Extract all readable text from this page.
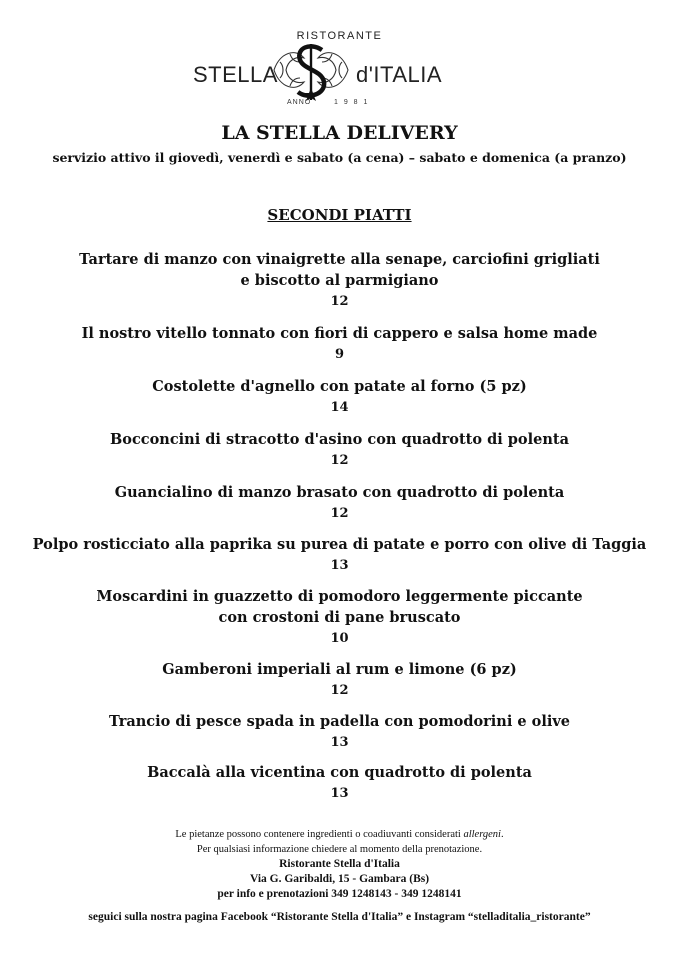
RISTORANTE
STELLA	d'ITALIA
ANNO	1 9 8 1
LA STELLA DELIVERY
servizio attivo il giovedì, venerdì e sabato (a cena) – sabato e domenica (a pranzo)
SECONDI PIATTI
Tartare di manzo con vinaigrette alla senape, carciofini grigliati
e biscotto al parmigiano
12
Il nostro vitello tonnato con fiori di cappero e salsa home made
9
Costolette d'agnello con patate al forno (5 pz)
14
Bocconcini di stracotto d'asino con quadrotto di polenta
12
Guancialino di manzo brasato con quadrotto di polenta
12
Polpo rosticciato alla paprika su purea di patate e porro con olive di Taggia
13
Moscardini in guazzetto di pomodoro leggermente piccante
con crostoni di pane bruscato
10
Gamberoni imperiali al rum e limone (6 pz)
12
Trancio di pesce spada in padella con pomodorini e olive
13
Baccalà alla vicentina con quadrotto di polenta
13
Le pietanze possono contenere ingredienti o coadiuvanti considerati allergeni.
Per qualsiasi informazione chiedere al momento della prenotazione.
Ristorante Stella d'Italia
Via G. Garibaldi, 15 - Gambara (Bs)
per info e prenotazioni 349 1248143 - 349 1248141
seguici sulla nostra pagina Facebook “Ristorante Stella d'Italia” e Instagram “stelladitalia_ristorante”
